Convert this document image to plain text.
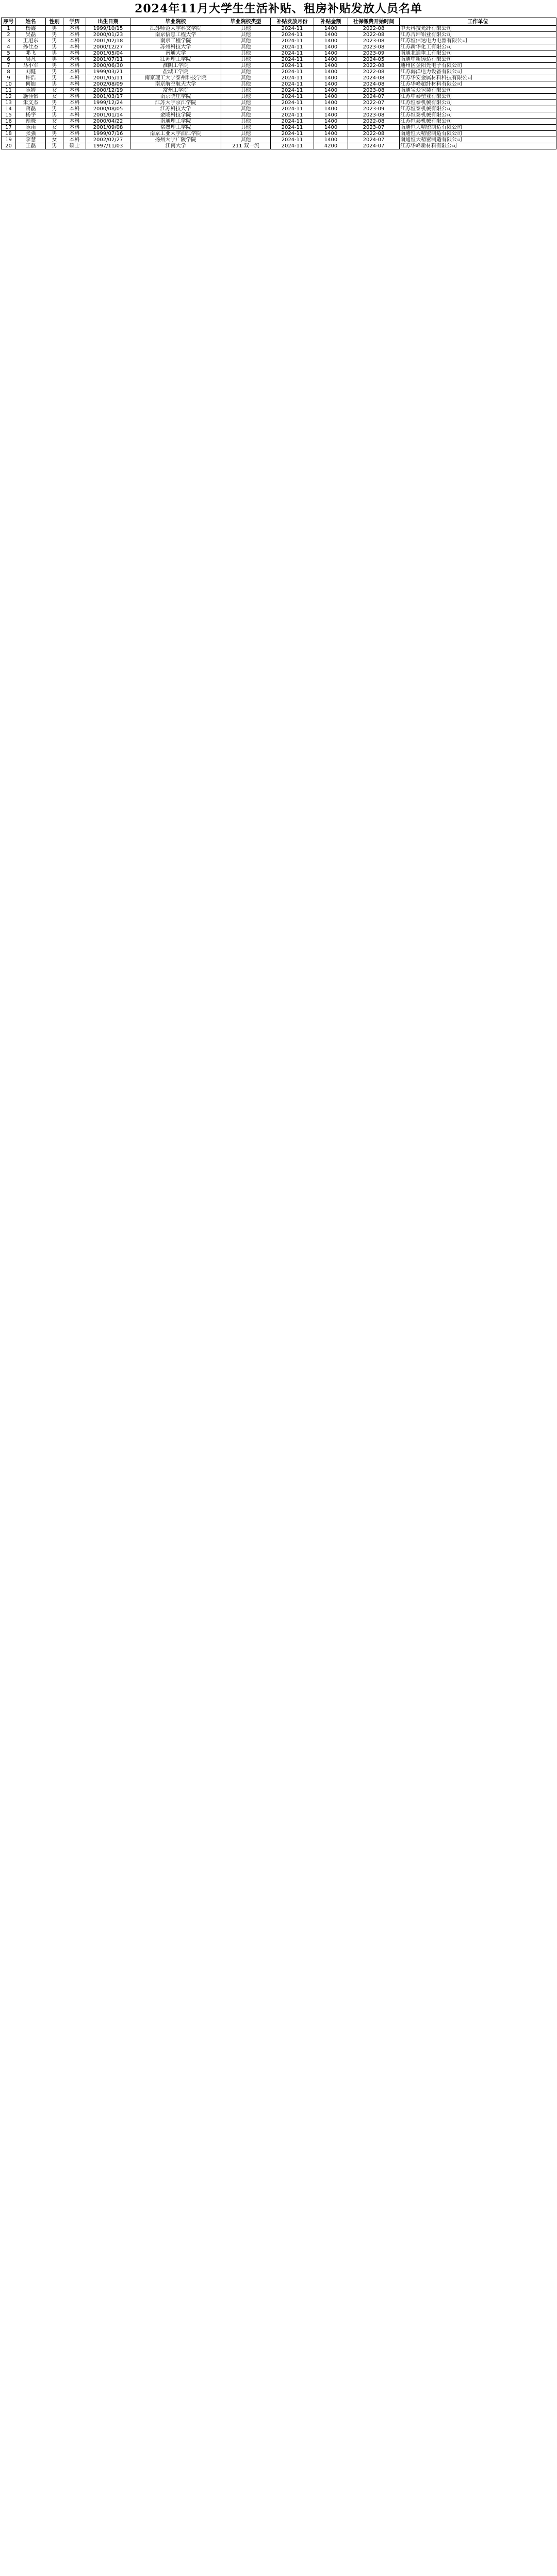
2024年11月大学生生活补贴、租房补贴发放人员名单
序号	姓名	性别	学历	出生日期	毕业院校	毕业院校类型	补贴发放月份	补贴金额	社保缴费开始时间	工作单位
1	杨鑫	男	本科	1999/10/15	江苏师范大学科文学院	其他	2024-11	1400	2022-08	中天科技光纤有限公司
2	吴磊	男	本科	2000/01/23	南京信息工程大学	其他	2024-11	1400	2022-08	江苏吉坤铝业有限公司
3	王旭东	男	本科	2001/02/18	南京工程学院	其他	2024-11	1400	2023-08	江苏恒信达电力电器有限公司
4	孙仕杰	男	本科	2000/12/27	苏州科技大学	其他	2024-11	1400	2023-08	江苏新华化工有限公司
5	邓飞	男	本科	2001/05/04	南通大学	其他	2024-11	1400	2023-09	南通北通重工有限公司
6	吴凡	男	本科	2001/07/11	江苏理工学院	其他	2024-11	1400	2024-05	南通中新铸造有限公司
7	马小军	男	本科	2000/06/30	淮阴工学院	其他	2024-11	1400	2022-08	通州区金阳光电子有限公司
8	刘健	男	本科	1999/03/21	盐城工学院	其他	2024-11	1400	2022-08	江苏海洋电力设备有限公司
9	许浩	男	本科	2001/05/11	南京理工大学泰州科技学院	其他	2024-11	1400	2024-08	江苏华安金属材料科技有限公司
10	何迪	男	本科	2002/08/09	南京航空航天大学	其他	2024-11	1400	2024-08	江苏华峰超纤材料有限公司
11	陈婷	女	本科	2000/12/19	常州工学院	其他	2024-11	1400	2023-08	南通宝众包装有限公司
12	施佳怡	女	本科	2001/03/17	南京晓庄学院	其他	2024-11	1400	2024-07	江苏中泰塑业有限公司
13	朱文杰	男	本科	1999/12/24	江苏大学京江学院	其他	2024-11	1400	2022-07	江苏恒泰机械有限公司
14	蒋磊	男	本科	2000/08/05	江苏科技大学	其他	2024-11	1400	2023-09	江苏恒泰机械有限公司
15	杨宇	男	本科	2001/01/14	金陵科技学院	其他	2024-11	1400	2023-08	江苏恒泰机械有限公司
16	顾晓	女	本科	2000/04/22	南通理工学院	其他	2024-11	1400	2022-08	江苏恒泰机械有限公司
17	陈雨	女	本科	2001/09/08	常熟理工学院	其他	2024-11	1400	2023-07	南通恒大精密制造有限公司
18	张强	男	本科	1999/07/16	南京工业大学浦江学院	其他	2024-11	1400	2022-08	南通恒大精密制造有限公司
19	李慧	女	本科	2002/02/27	扬州大学广陵学院	其他	2024-11	1400	2024-07	南通恒大精密制造有限公司
20	王磊	男	硕士	1997/11/03	江南大学	211 双一流	2024-11	4200	2024-07	江苏华峰新材料有限公司
